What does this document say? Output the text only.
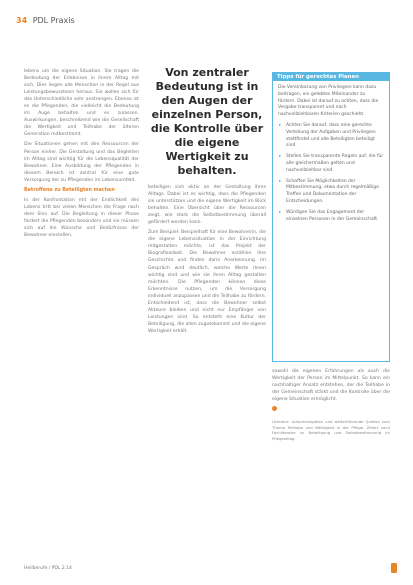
34 PDL Praxis

lebens um die eigene Situation. Sie tragen die Bedeutung der Erlebnisse in ihrem Alltag mit sich. Dies liegen alle Menschen in der Regel aus Leistungsbewusstsein heraus. Sie wollen sich für das Unterschiedliche sehr anstrengen. Ebenso ist es die Pflegenden, die vielleicht die Bedeutung im Auge behalten und es zulassen. Auswirkungen, beschreibend wie die Gesellschaft die Wertigkeit und Teilhabe der älteren Generation mitbestimmt.

Die Situationen gehen mit den Ressourcen der Person einher. Die Gestaltung und das Begleiten im Alltag sind wichtig für die Lebensqualität der Bewohner. Eine Ausbildung der Pflegenden in diesem Bereich ist zentral für eine gute Versorgung der zu Pflegenden im Lebensumfeld.

Betroffene zu Beteiligten machen

In der Konfrontation mit der Endlichkeit des Lebens tritt bei vielen Menschen die Frage nach dem Sinn auf. Die Begleitung in dieser Phase fordert die Pflegenden besonders und sie müssen sich auf die Wünsche und Bedürfnisse der Bewohner einstellen.

Von zentraler Bedeutung ist in den Augen der einzelnen Person, die Kontrolle über die eigene Wertigkeit zu behalten.

beteiligen sich aktiv an der Gestaltung ihres Alltags. Dabei ist es wichtig, dass die Pflegenden sie unterstützen und die eigene Wertigkeit im Blick behalten. Eine Übersicht über die Ressourcen zeigt, wie stark die Selbstbestimmung überall gefördert werden kann.

Zum Beispiel: Beispielhaft für eine Bewohnerin, die die eigene Lebenssituation in der Einrichtung mitgestalten möchte, ist das Projekt der Biografiearbeit. Die Bewohner erzählen ihre Geschichte und finden darin Anerkennung. Im Gespräch wird deutlich, welche Werte ihnen wichtig sind und wie sie ihren Alltag gestalten möchten. Die Pflegenden können diese Erkenntnisse nutzen, um die Versorgung individuell anzupassen und die Teilhabe zu fördern. Entscheidend ist, dass die Bewohner selbst Akteure bleiben und nicht nur Empfänger von Leistungen sind. So entsteht eine Kultur der Beteiligung, die allen zugutekommt und die eigene Wertigkeit erhält.

Tipps für gerechtes Planen
Die Vereinbarung von Privilegien kann dazu beitragen, ein gelebtes Miteinander zu fördern. Dabei ist darauf zu achten, dass die Vergabe transparent und nach nachvollziehbaren Kriterien geschieht.
▸ Achten Sie darauf, dass eine gerechte Verteilung der Aufgaben und Privilegien stattfindet und alle Beteiligten beteiligt sind.
▸ Stellen Sie transparente Regeln auf, die für alle gleichermaßen gelten und nachvollziehbar sind.
▸ Schaffen Sie Möglichkeiten der Mitbestimmung, etwa durch regelmäßige Treffen und Dokumentation der Entscheidungen.
▸ Würdigen Sie das Engagement der einzelnen Personen in der Gemeinschaft.

sowohl die eigenen Erfahrungen als auch die Wertigkeit der Person im Mittelpunkt. So kann ein nachhaltiger Ansatz entstehen, der die Teilhabe in der Gemeinschaft stärkt und die Kontrolle über die eigene Situation ermöglicht.

Literatur: Autorenangaben und weiterführende Quellen zum Thema Teilhabe und Wertigkeit in der Pflege. Zitiert nach Fachliteratur zu Beteiligung und Selbstbestimmung im Pflegealltag.
Heilberufe / PDL 2.14
